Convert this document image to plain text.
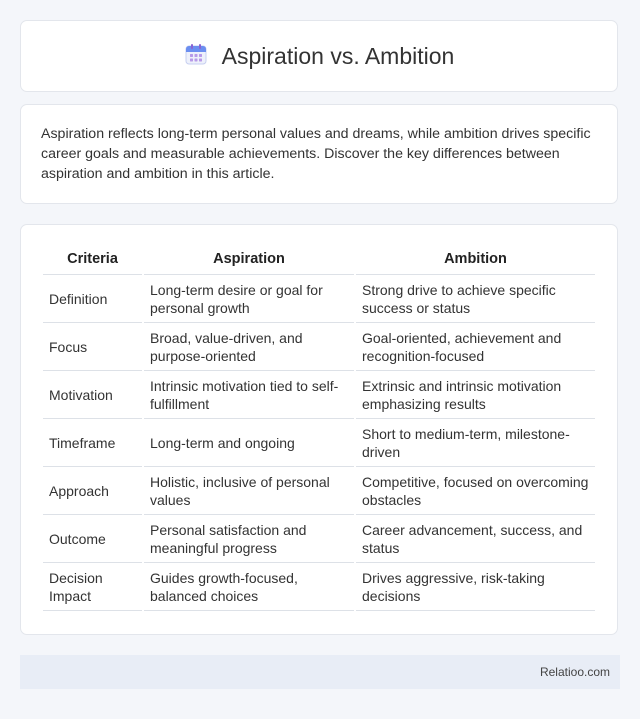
Aspiration vs. Ambition

Aspiration reflects long-term personal values and dreams, while ambition drives specific career goals and measurable achievements. Discover the key differences between aspiration and ambition in this article.

Criteria	Aspiration	Ambition
Definition	Long-term desire or goal for personal growth	Strong drive to achieve specific success or status
Focus	Broad, value-driven, and purpose-oriented	Goal-oriented, achievement and recognition-focused
Motivation	Intrinsic motivation tied to self-fulfillment	Extrinsic and intrinsic motivation emphasizing results
Timeframe	Long-term and ongoing	Short to medium-term, milestone-driven
Approach	Holistic, inclusive of personal values	Competitive, focused on overcoming obstacles
Outcome	Personal satisfaction and meaningful progress	Career advancement, success, and status
Decision Impact	Guides growth-focused, balanced choices	Drives aggressive, risk-taking decisions
Relatioo.com
